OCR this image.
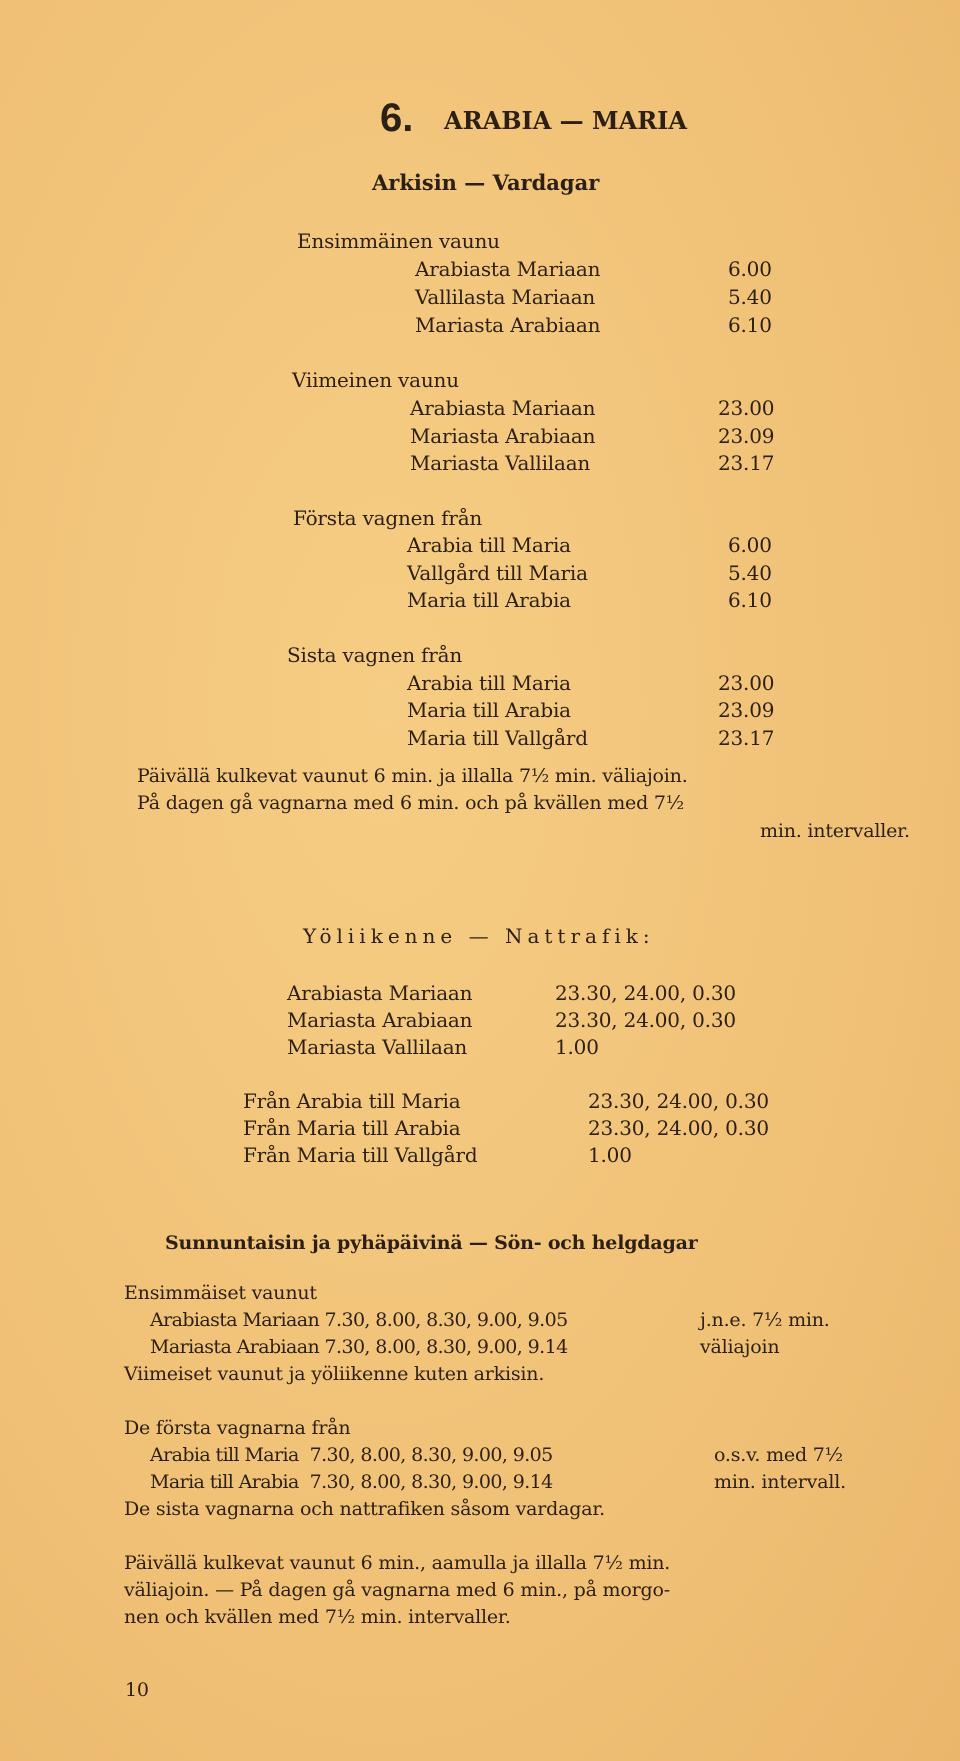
6. ARABIA — MARIA
Arkisin — Vardagar
Ensimmäinen vaunu
Arabiasta Mariaan	6.00
Vallilasta Mariaan	5.40
Mariasta Arabiaan	6.10
Viimeinen vaunu
Arabiasta Mariaan	23.00
Mariasta Arabiaan	23.09
Mariasta Vallilaan	23.17
Första vagnen från
Arabia till Maria	6.00
Vallgård till Maria	5.40
Maria till Arabia	6.10
Sista vagnen från
Arabia till Maria	23.00
Maria till Arabia	23.09
Maria till Vallgård	23.17
Päivällä kulkevat vaunut 6 min. ja illalla 7½ min. väliajoin.
På dagen gå vagnarna med 6 min. och på kvällen med 7½
min. intervaller.
Yöliikenne — Nattrafik:
Arabiasta Mariaan	23.30, 24.00, 0.30
Mariasta Arabiaan	23.30, 24.00, 0.30
Mariasta Vallilaan	1.00
Från Arabia till Maria	23.30, 24.00, 0.30
Från Maria till Arabia	23.30, 24.00, 0.30
Från Maria till Vallgård	1.00
Sunnuntaisin ja pyhäpäivinä — Sön- och helgdagar
Ensimmäiset vaunut
Arabiasta Mariaan 7.30, 8.00, 8.30, 9.00, 9.05
Mariasta Arabiaan 7.30, 8.00, 8.30, 9.00, 9.14
j.n.e. 7½ min.
väliajoin
Viimeiset vaunut ja yöliikenne kuten arkisin.
De första vagnarna från
Arabia till Maria  7.30, 8.00, 8.30, 9.00, 9.05
Maria till Arabia  7.30, 8.00, 8.30, 9.00, 9.14
o.s.v. med 7½
min. intervall.
De sista vagnarna och nattrafiken såsom vardagar.
Päivällä kulkevat vaunut 6 min., aamulla ja illalla 7½ min.
väliajoin. — På dagen gå vagnarna med 6 min., på morgo-
nen och kvällen med 7½ min. intervaller.
10
